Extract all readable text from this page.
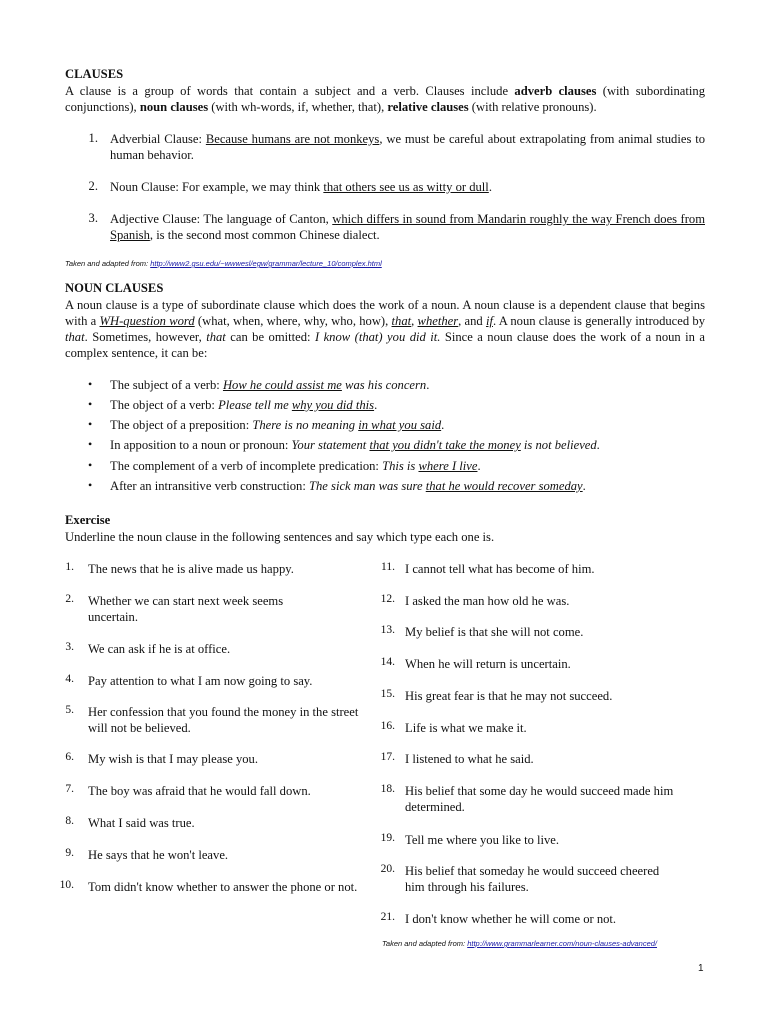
CLAUSES
A clause is a group of words that contain a subject and a verb. Clauses include adverb clauses (with subordinating conjunctions), noun clauses (with wh-words, if, whether, that), relative clauses (with relative pronouns).
1. Adverbial Clause: Because humans are not monkeys, we must be careful about extrapolating from animal studies to human behavior.
2. Noun Clause: For example, we may think that others see us as witty or dull.
3. Adjective Clause: The language of Canton, which differs in sound from Mandarin roughly the way French does from Spanish, is the second most common Chinese dialect.
Taken and adapted from: http://www2.gsu.edu/~wwwesl/egw/grammar/lecture_10/complex.html
NOUN CLAUSES
A noun clause is a type of subordinate clause which does the work of a noun. A noun clause is a dependent clause that begins with a WH-question word (what, when, where, why, who, how), that, whether, and if. A noun clause is generally introduced by that. Sometimes, however, that can be omitted: I know (that) you did it. Since a noun clause does the work of a noun in a complex sentence, it can be:
• The subject of a verb: How he could assist me was his concern.
• The object of a verb: Please tell me why you did this.
• The object of a preposition: There is no meaning in what you said.
• In apposition to a noun or pronoun: Your statement that you didn't take the money is not believed.
• The complement of a verb of incomplete predication: This is where I live.
• After an intransitive verb construction: The sick man was sure that he would recover someday.
Exercise
Underline the noun clause in the following sentences and say which type each one is.
1. The news that he is alive made us happy.
2. Whether we can start next week seems uncertain.
3. We can ask if he is at office.
4. Pay attention to what I am now going to say.
5. Her confession that you found the money in the street will not be believed.
6. My wish is that I may please you.
7. The boy was afraid that he would fall down.
8. What I said was true.
9. He says that he won't leave.
10. Tom didn't know whether to answer the phone or not.
11. I cannot tell what has become of him.
12. I asked the man how old he was.
13. My belief is that she will not come.
14. When he will return is uncertain.
15. His great fear is that he may not succeed.
16. Life is what we make it.
17. I listened to what he said.
18. His belief that some day he would succeed made him determined.
19. Tell me where you like to live.
20. His belief that someday he would succeed cheered him through his failures.
21. I don't know whether he will come or not.
Taken and adapted from: http://www.grammarlearner.com/noun-clauses-advanced/
1
